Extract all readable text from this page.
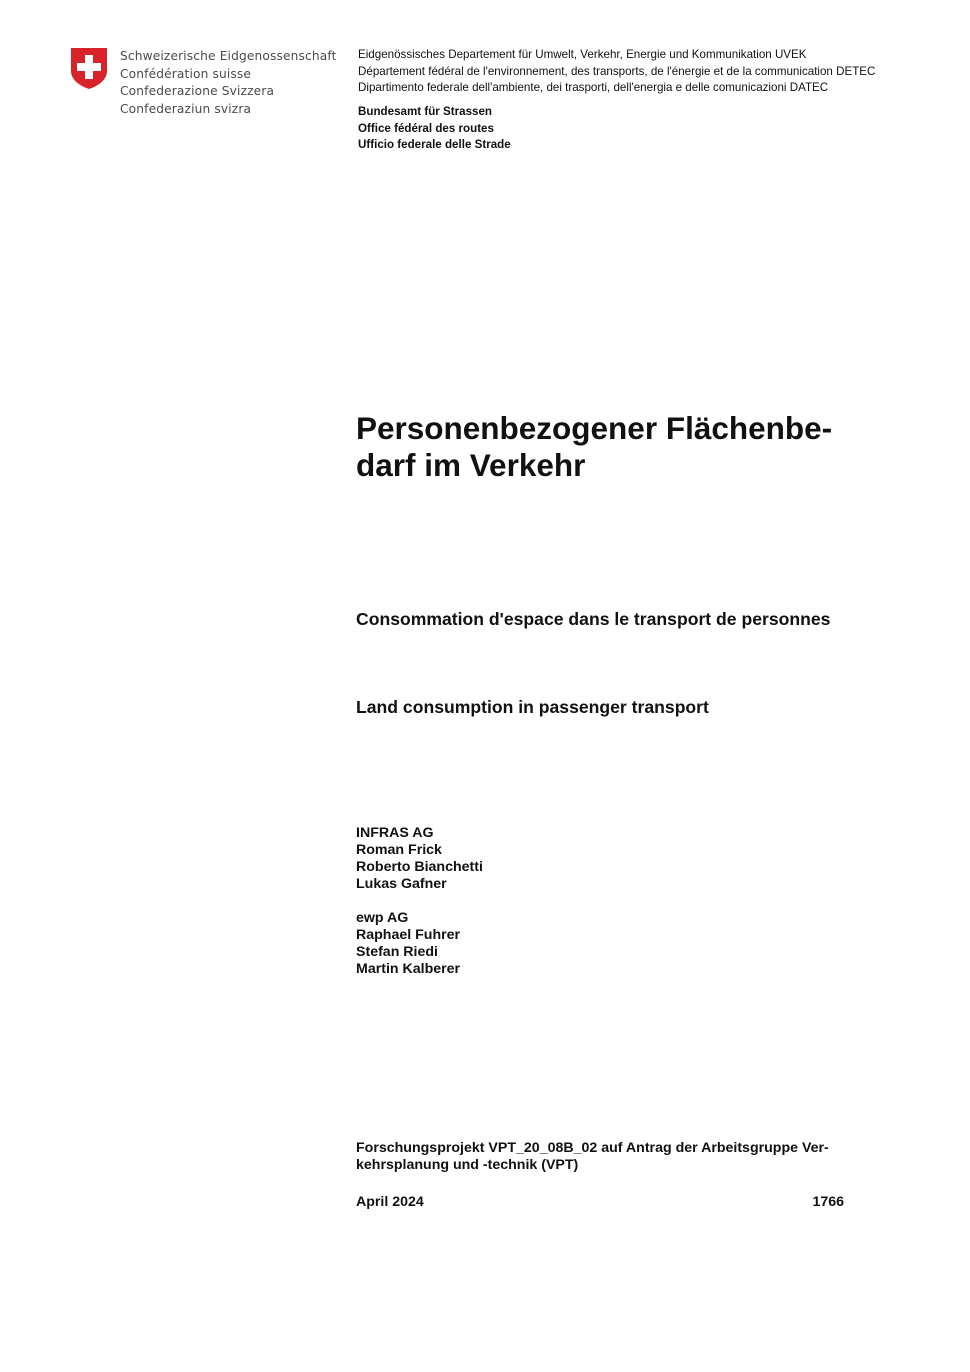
Schweizerische Eidgenossenschaft
Confédération suisse
Confederazione Svizzera
Confederaziun svizra
Eidgenössisches Departement für Umwelt, Verkehr, Energie und Kommunikation UVEK
Département fédéral de l'environnement, des transports, de l'énergie et de la communication DETEC
Dipartimento federale dell'ambiente, dei trasporti, dell'energia e delle comunicazioni DATEC
Bundesamt für Strassen
Office fédéral des routes
Ufficio federale delle Strade
Personenbezogener Flächenbe-
darf im Verkehr
Consommation d'espace dans le transport de personnes
Land consumption in passenger transport
INFRAS AG
Roman Frick
Roberto Bianchetti
Lukas Gafner
ewp AG
Raphael Fuhrer
Stefan Riedi
Martin Kalberer
Forschungsprojekt VPT_20_08B_02 auf Antrag der Arbeitsgruppe Ver-
kehrsplanung und -technik (VPT)
April 2024	1766
